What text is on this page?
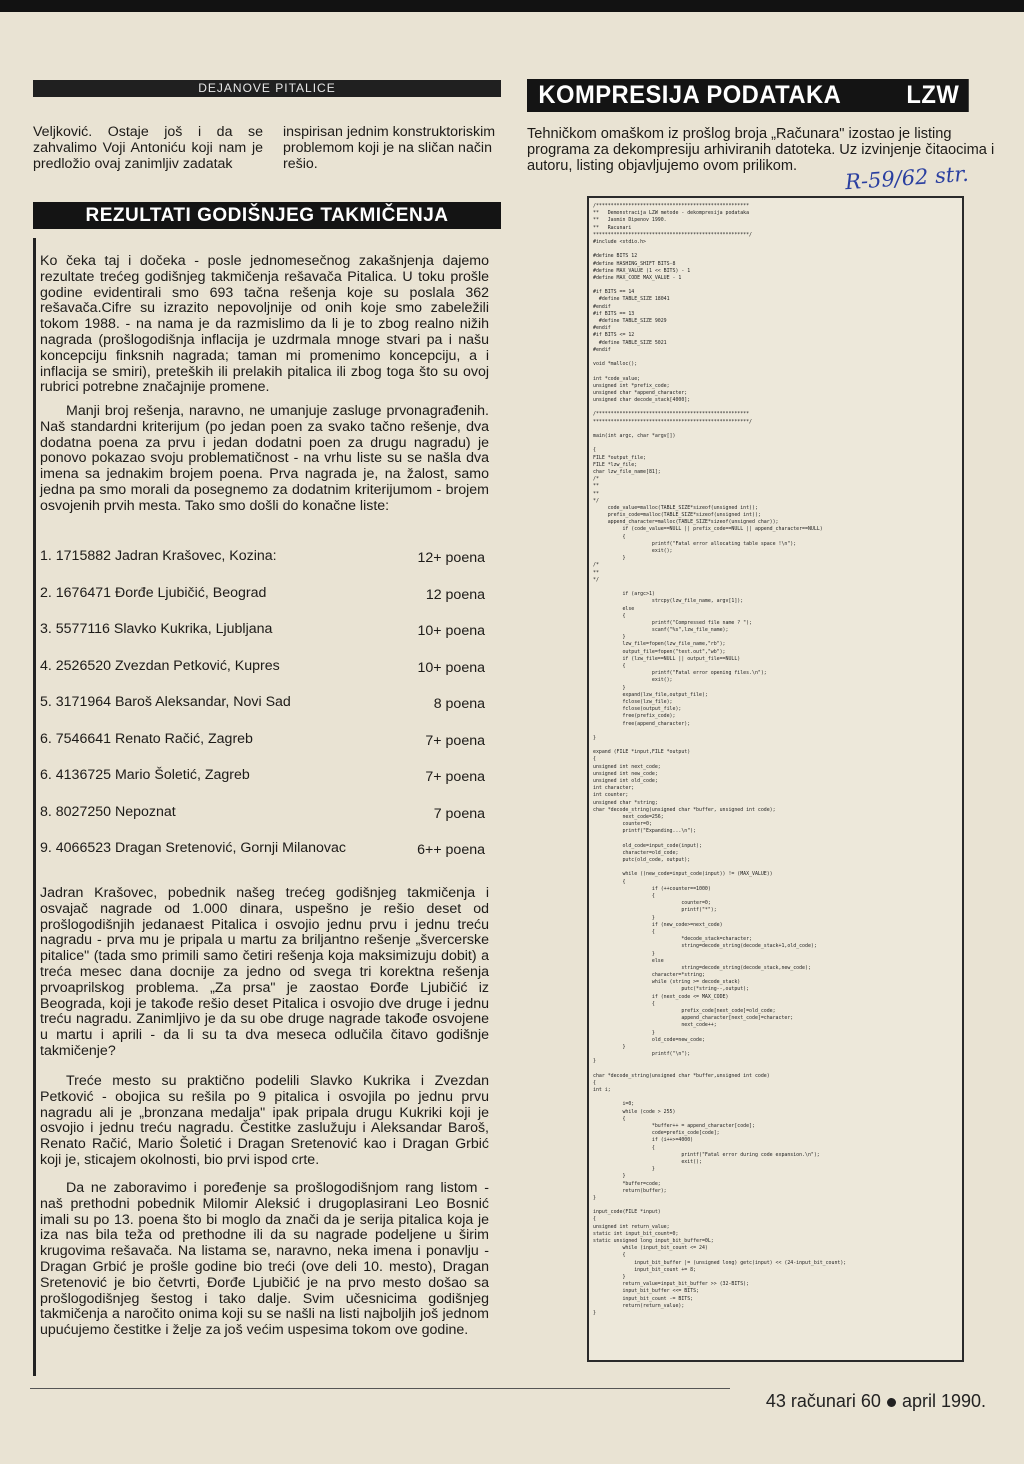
DEJANOVE PITALICE	KOMPRESIJA PODATAKA	LZW
Veljković. Ostaje još i da se zahvalimo Voji Antoniću koji nam je predložio ovaj zanimljiv zadatak
inspirisan jednim konstruktoriskim problemom koji je na sličan način rešio.
Tehničkom omaškom iz prošlog broja „Računara" izostao je listing programa za dekompresiju arhiviranih datoteka. Uz izvinjenje čitaocima i autoru, listing objavljujemo ovom prilikom.	R-59/62 str.
REZULTATI GODIŠNJEG TAKMIČENJA
Ko čeka taj i dočeka - posle jednomesečnog zakašnjenja dajemo rezultate trećeg godišnjeg takmičenja rešavača Pitalica. U toku prošle godine evidentirali smo 693 tačna rešenja koje su poslala 362 rešavača.Cifre su izrazito nepovoljnije od onih koje smo zabeležili tokom 1988. - na nama je da razmislimo da li je to zbog realno nižih nagrada (prošlogodišnja inflacija je uzdrmala mnoge stvari pa i našu koncepciju finksnih nagrada; taman mi promenimo koncepciju, a i inflacija se smiri), preteških ili prelakih pitalica ili zbog toga što su ovoj rubrici potrebne značajnije promene.
Manji broj rešenja, naravno, ne umanjuje zasluge prvonagrađenih. Naš standardni kriterijum (po jedan poen za svako tačno rešenje, dva dodatna poena za prvu i jedan dodatni poen za drugu nagradu) je ponovo pokazao svoju problematičnost - na vrhu liste su se našla dva imena sa jednakim brojem poena. Prva nagrada je, na žalost, samo jedna pa smo morali da posegnemo za dodatnim kriterijumom - brojem osvojenih prvih mesta. Tako smo došli do konačne liste:
1. 1715882 Jadran Krašovec, Kozina:	12+ poena
2. 1676471 Đorđe Ljubičić, Beograd	12 poena
3. 5577116 Slavko Kukrika, Ljubljana	10+ poena
4. 2526520 Zvezdan Petković, Kupres	10+ poena
5. 3171964 Baroš Aleksandar, Novi Sad	8 poena
6. 7546641 Renato Račić, Zagreb	7+ poena
6. 4136725 Mario Šoletić, Zagreb	7+ poena
8. 8027250 Nepoznat	7 poena
9. 4066523 Dragan Sretenović, Gornji Milanovac	6++ poena
Jadran Krašovec, pobednik našeg trećeg godišnjeg takmičenja i osvajač nagrade od 1.000 dinara, uspešno je rešio deset od prošlogodišnjih jedanaest Pitalica i osvojio jednu prvu i jednu treću nagradu - prva mu je pripala u martu za briljantno rešenje „švercerske pitalice" (tada smo primili samo četiri rešenja koja maksimizuju dobit) a treća mesec dana docnije za jedno od svega tri korektna rešenja prvoaprilskog problema. „Za prsa" je zaostao Đorđe Ljubičić iz Beograda, koji je takođe rešio deset Pitalica i osvojio dve druge i jednu treću nagradu. Zanimljivo je da su obe druge nagrade takođe osvojene u martu i aprili - da li su ta dva meseca odlučila čitavo godišnje takmičenje?
Treće mesto su praktično podelili Slavko Kukrika i Zvezdan Petković - obojica su rešila po 9 pitalica i osvojila po jednu prvu nagradu ali je „bronzana medalja" ipak pripala drugu Kukriki koji je osvojio i jednu treću nagradu. Čestitke zaslužuju i Aleksandar Baroš, Renato Račić, Mario Šoletić i Dragan Sretenović kao i Dragan Grbić koji je, sticajem okolnosti, bio prvi ispod crte.
Da ne zaboravimo i poređenje sa prošlogodišnjom rang listom - naš prethodni pobednik Milomir Aleksić i drugoplasirani Leo Bosnić imali su po 13. poena što bi moglo da znači da je serija pitalica koja je iza nas bila teža od prethodne ili da su nagrade podeljene u širim krugovima rešavača. Na listama se, naravno, neka imena i ponavlju - Dragan Grbić je prošle godine bio treći (ove deli 10. mesto), Dragan Sretenović je bio četvrti, Đorđe Ljubičić je na prvo mesto došao sa prošlogodišnjeg šestog i tako dalje. Svim učesnicima godišnjeg takmičenja a naročito onima koji su se našli na listi najboljih još jednom upućujemo čestitke i želje za još većim uspesima tokom ove godine.
/****************************************************
**   Demonstracija LZW metode - dekompresija podataka
**   Jasmin Dipenov 1990.
**   Racunari
*****************************************************/
#include <stdio.h>
#define BITS 12
#define HASHING_SHIFT BITS-8
#define MAX_VALUE (1 << BITS) - 1
#define MAX_CODE MAX_VALUE - 1
#if BITS == 14
#define TABLE_SIZE 18041
#endif
#if BITS == 13
#define TABLE_SIZE 9029
#endif
#if BITS <= 12
#define TABLE_SIZE 5021
#endif
void *malloc();
int *code_value;
unsigned int *prefix_code;
unsigned char *append_character;
unsigned char decode_stack[4000];
/****************************************************
*****************************************************/
main(int argc, char *argv[])
{
FILE *output_file;
FILE *lzw_file;
char lzw_file_name[81];
/*
**
**
*/
code_value=malloc(TABLE_SIZE*sizeof(unsigned int));
prefix_code=malloc(TABLE_SIZE*sizeof(unsigned int));
append_character=malloc(TABLE_SIZE*sizeof(unsigned char));
if (code_value==NULL || prefix_code==NULL || append_character==NULL)
{
printf("Fatal error allocating table space !\n");
exit();
}
/*
**
*/
if (argc>1)
strcpy(lzw_file_name, argv[1]);
else
{
printf("Compressed file name ? ");
scanf("%s",lzw_file_name);
}
lzw_file=fopen(lzw_file_name,"rb");
output_file=fopen("test.out","wb");
if (lzw_file==NULL || output_file==NULL)
{
printf("Fatal error opening files.\n");
exit();
}
expand(lzw_file,output_file);
fclose(lzw_file);
fclose(output_file);
free(prefix_code);
free(append_character);
}
expand (FILE *input,FILE *output)
{
unsigned int next_code;
unsigned int new_code;
unsigned int old_code;
int character;
int counter;
unsigned char *string;
char *decode_string(unsigned char *buffer, unsigned int code);
next_code=256;
counter=0;
printf("Expanding...\n");
old_code=input_code(input);
character=old_code;
putc(old_code, output);
while ((new_code=input_code(input)) != (MAX_VALUE))
{
if (++counter==1000)
{
counter=0;
printf("*");
}
if (new_code>=next_code)
{
*decode_stack=character;
string=decode_string(decode_stack+1,old_code);
}
else
string=decode_string(decode_stack,new_code);
character=*string;
while (string >= decode_stack)
putc(*string--,output);
if (next_code <= MAX_CODE)
{
prefix_code[next_code]=old_code;
append_character[next_code]=character;
next_code++;
}
old_code=new_code;
}
printf("\n");
}
char *decode_string(unsigned char *buffer,unsigned int code)
{
int i;
i=0;
while (code > 255)
{
*buffer++ = append_character[code];
code=prefix_code[code];
if (i++>=4000)
{
printf("Fatal error during code expansion.\n");
exit();
}
}
*buffer=code;
return(buffer);
}
input_code(FILE *input)
{
unsigned int return_value;
static int input_bit_count=0;
static unsigned long input_bit_buffer=0L;
while (input_bit_count <= 24)
{
input_bit_buffer |= (unsigned long) getc(input) << (24-input_bit_count);
input_bit_count += 8;
}
return_value=input_bit_buffer >> (32-BITS);
input_bit_buffer <<= BITS;
input_bit_count -= BITS;
return(return_value);
}
43 računari 60 april 1990.
